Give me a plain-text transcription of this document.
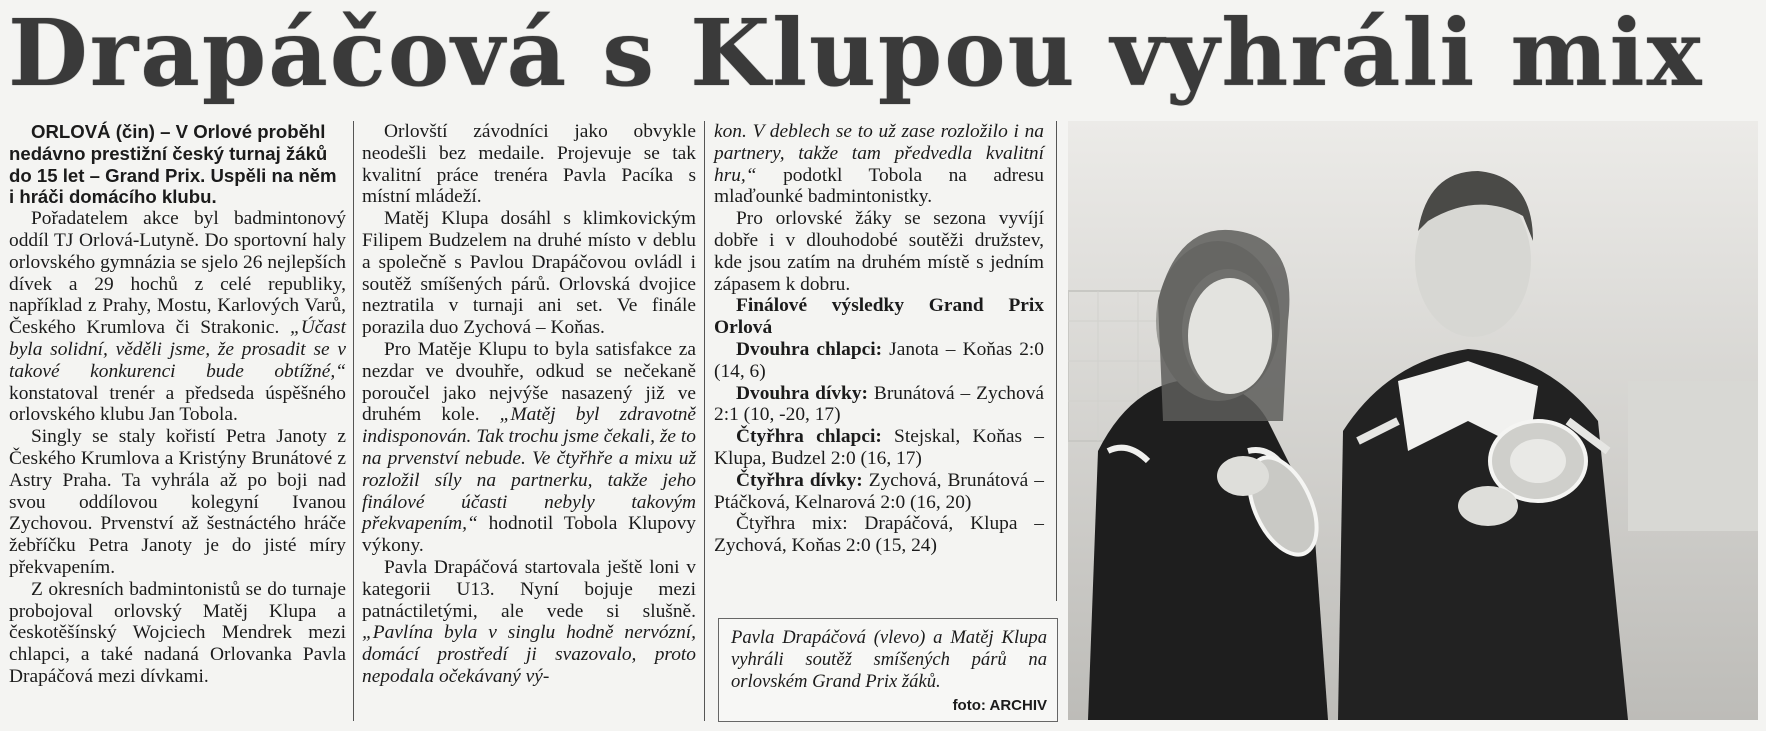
Drapáčová s Klupou vyhráli mix

ORLOVÁ (čin) – V Orlové proběhl nedávno prestižní český turnaj žáků do 15 let – Grand Prix. Uspěli na něm i hráči domácího klubu.

Pořadatelem akce byl badmintonový oddíl TJ Orlová-Lutyně. Do sportovní haly orlovského gymnázia se sjelo 26 nejlepších dívek a 29 hochů z celé republiky, například z Prahy, Mostu, Karlových Varů, Českého Krumlova či Strakonic. „Účast byla solidní, věděli jsme, že prosadit se v takové konkurenci bude obtížné,“ konstatoval trenér a předseda úspěšného orlovského klubu Jan Tobola.

Singly se staly kořistí Petra Janoty z Českého Krumlova a Kristýny Brunátové z Astry Praha. Ta vyhrála až po boji nad svou oddílovou kolegyní Ivanou Zychovou. Prvenství až šestnáctého hráče žebříčku Petra Janoty je do jisté míry překvapením.

Z okresních badmintonistů se do turnaje probojoval orlovský Matěj Klupa a českotěšínský Wojciech Mendrek mezi chlapci, a také nadaná Orlovanka Pavla Drapáčová mezi dívkami.

Orlovští závodníci jako obvykle neodešli bez medaile. Projevuje se tak kvalitní práce trenéra Pavla Pacíka s místní mládeží.

Matěj Klupa dosáhl s klimkovickým Filipem Budzelem na druhé místo v deblu a společně s Pavlou Drapáčovou ovládl i soutěž smíšených párů. Orlovská dvojice neztratila v turnaji ani set. Ve finále porazila duo Zychová – Koňas.

Pro Matěje Klupu to byla satisfakce za nezdar ve dvouhře, odkud se nečekaně poroučel jako nejvýše nasazený již ve druhém kole. „Matěj byl zdravotně indisponován. Tak trochu jsme čekali, že to na prvenství nebude. Ve čtyřhře a mixu už rozložil síly na partnerku, takže jeho finálové účasti nebyly takovým překvapením,“ hodnotil Tobola Klupovy výkony.

Pavla Drapáčová startovala ještě loni v kategorii U13. Nyní bojuje mezi patnáctiletými, ale vede si slušně. „Pavlína byla v singlu hodně nervózní, domácí prostředí ji svazovalo, proto nepodala očekávaný vý-

kon. V deblech se to už zase rozložilo i na partnery, takže tam předvedla kvalitní hru,“ podotkl Tobola na adresu mlaďounké badmintonistky.

Pro orlovské žáky se sezona vyvíjí dobře i v dlouhodobé soutěži družstev, kde jsou zatím na druhém místě s jedním zápasem k dobru.

Finálové výsledky Grand Prix Orlová

Dvouhra chlapci: Janota – Koňas 2:0 (14, 6)

Dvouhra dívky: Brunátová – Zychová 2:1 (10, -20, 17)

Čtyřhra chlapci: Stejskal, Koňas – Klupa, Budzel 2:0 (16, 17)

Čtyřhra dívky: Zychová, Brunátová – Ptáčková, Kelnarová 2:0 (16, 20)

Čtyřhra mix: Drapáčová, Klupa – Zychová, Koňas 2:0 (15, 24)

Pavla Drapáčová (vlevo) a Matěj Klupa vyhráli soutěž smíšených párů na orlovském Grand Prix žáků.
foto: ARCHIV
